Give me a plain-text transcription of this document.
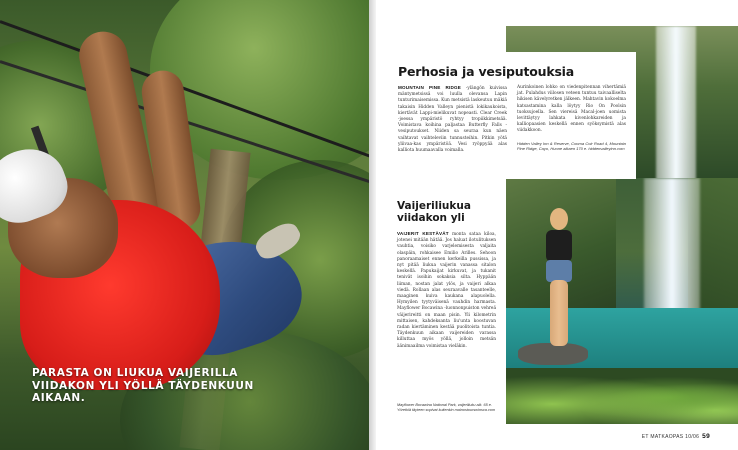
PARASTA ON LIUKUA VAIJERILLA VIIDAKON YLI YÖLLÄ TÄYDENKUUN AIKAAN.
Perhosia ja vesiputouksia

MOUNTAIN PINE RIDGE -ylängön kuivissa mäntymetsissä voi luulla olevansa Lapin tunturimaisemissa. Kun metsistä laskeutuu mäkiä takaisin Hidden Valleyn pienistä lokikaukoista, kiertävät Lappi-mielikuvat nopeasti. Clear Creek -joessa ympäristö ryhtyy tropiikkimetsää. Voimistava koihina paljastaa Butterfly Falls -vesiputoukset. Niiden sa seuraa kun näen vaihtavat vaihteleviin tunnusteihin. Pitkin yötä yliivaa-kas ympäristöä. Vesi ryöppyää alas kalliota huumaavalla voimalla.

Aurinkoinen lohko on viedenpitennan vihertämiä jat. Pulahdus viilosen veteen tuntuu taivaalliselta hikisen kävelyretken jälkeen. Mahtavin kokoelma katsastamina kalla löytyy Rio On Poolsin tuoksujoella. Sen viereisä Macal-joen uomista levittäytyy lahkata kivenlohkareiden ja kalliopaasien keskellä ennen syöksymistä alas viidakkoon.

Hidden Valley Inn & Reserve, Cooma Coir Road 4, Mountain Pine Ridge, Cayo, Huone alkaen 170 e. hiddenvalleyinn.com

Vaijeriliukua viidakon yli
VAIJERIT KESTÄVÄT monta sataa kiloa, jotenei mitään hätää. Jos haluat ilotulituksen vauhtia, voisiko varjelemisesta valjaita olaspäin, rohkaisee Emilio Arilles. Sehoon panoraamaiset ennen kerkeilla pussissa, ja nyt pitää liukua vaijerin vanassa sitalon keskellä. Papukaijat kirkuvat, ja tukanit tenivät isoihin sokaksia silta. Hyppään liiman, nostan jalat ylös, ja vaijeri alkaa viedä. Rollaan alas seuraavalle tasanteelle, maaginen kuiva kaukana alapuolella. Hymyilen tyytyväisenä vauhdin harmasta. Mayflower Bocawina -luonnonpuiston vehreä väijerireitti on maan pisin. Yli kilometrin mittaisen, kahdeksanta liu'unta koostuvan radan kiertäminen kestää puolitoista tuntia. Täydenkuun aikaan vaijereiden varassa killuttaa myös yöllä, jolloin metsän äänimaailma voimistaa vieläkin.
Mayflower Bocawina National Park, vaijeriliuku alk. 65 e. Yöretkiä täyteen sopivat kuitenkin mainostourswinsca.com
ET MATKAOPAS 10/06 59
